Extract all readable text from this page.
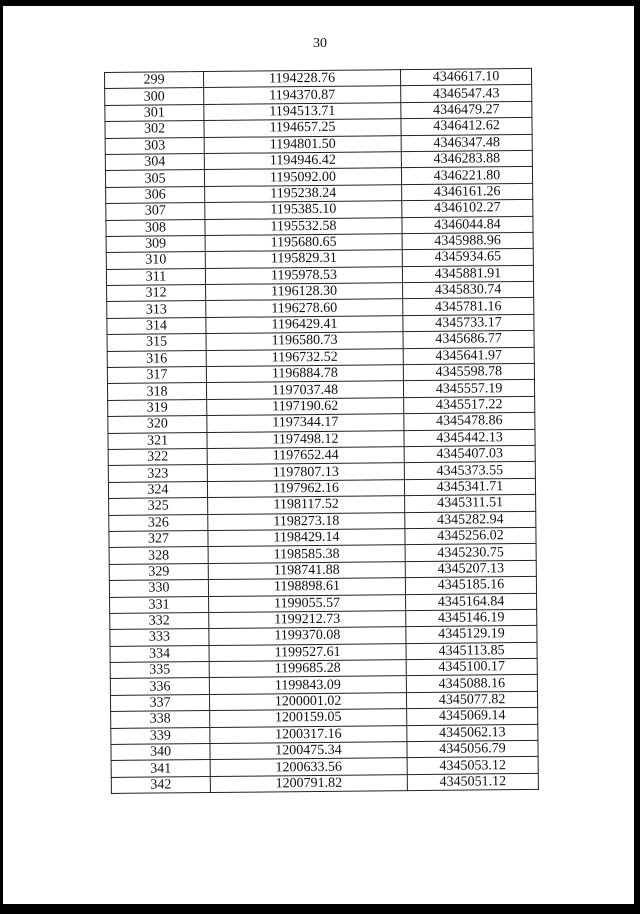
30
299	1194228.76	4346617.10
300	1194370.87	4346547.43
301	1194513.71	4346479.27
302	1194657.25	4346412.62
303	1194801.50	4346347.48
304	1194946.42	4346283.88
305	1195092.00	4346221.80
306	1195238.24	4346161.26
307	1195385.10	4346102.27
308	1195532.58	4346044.84
309	1195680.65	4345988.96
310	1195829.31	4345934.65
311	1195978.53	4345881.91
312	1196128.30	4345830.74
313	1196278.60	4345781.16
314	1196429.41	4345733.17
315	1196580.73	4345686.77
316	1196732.52	4345641.97
317	1196884.78	4345598.78
318	1197037.48	4345557.19
319	1197190.62	4345517.22
320	1197344.17	4345478.86
321	1197498.12	4345442.13
322	1197652.44	4345407.03
323	1197807.13	4345373.55
324	1197962.16	4345341.71
325	1198117.52	4345311.51
326	1198273.18	4345282.94
327	1198429.14	4345256.02
328	1198585.38	4345230.75
329	1198741.88	4345207.13
330	1198898.61	4345185.16
331	1199055.57	4345164.84
332	1199212.73	4345146.19
333	1199370.08	4345129.19
334	1199527.61	4345113.85
335	1199685.28	4345100.17
336	1199843.09	4345088.16
337	1200001.02	4345077.82
338	1200159.05	4345069.14
339	1200317.16	4345062.13
340	1200475.34	4345056.79
341	1200633.56	4345053.12
342	1200791.82	4345051.12
